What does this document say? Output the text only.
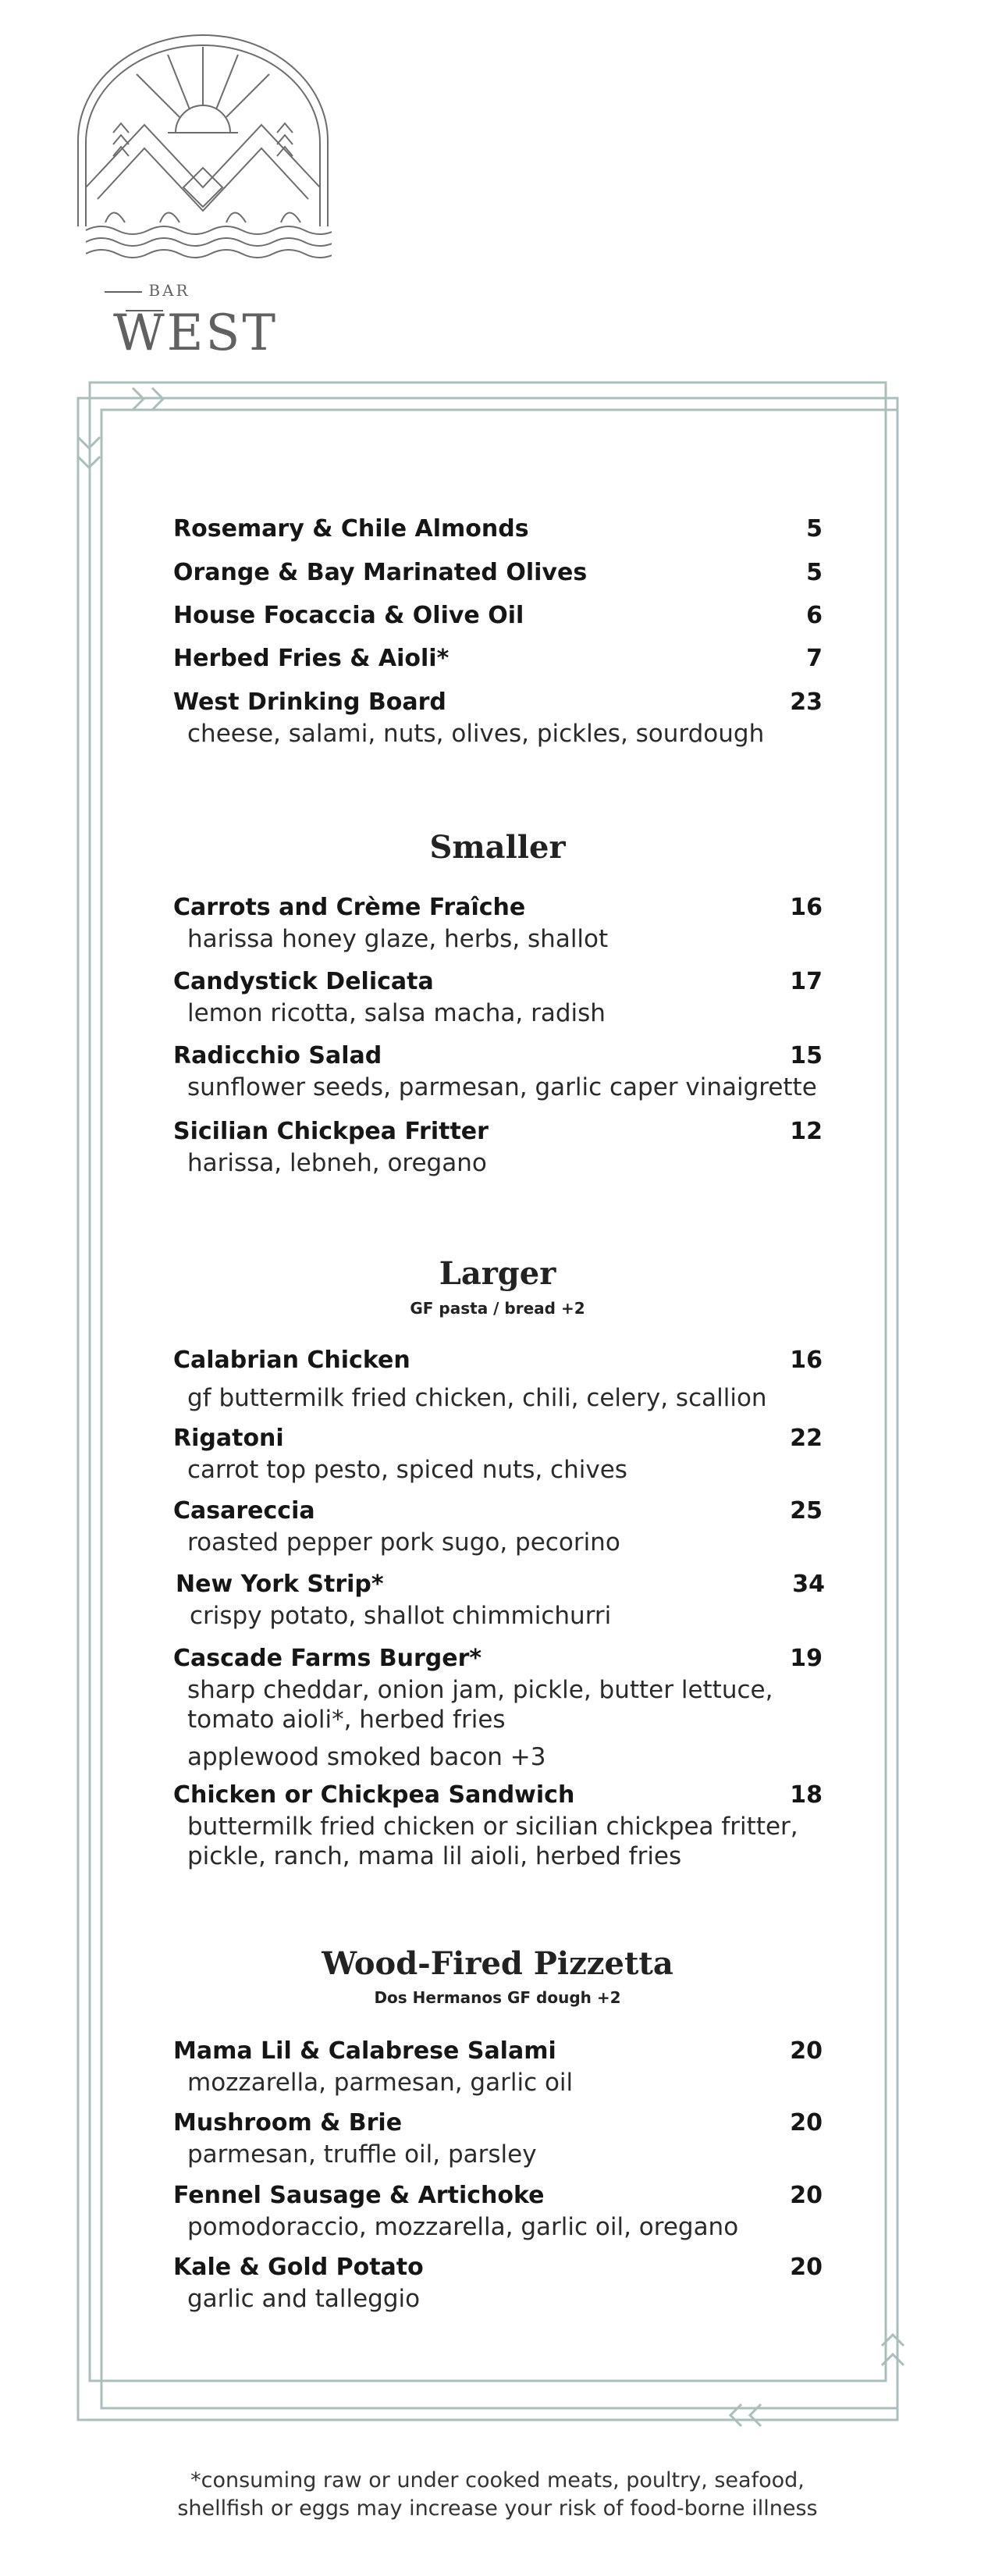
BAR
WEST
Rosemary & Chile Almonds	5
Orange & Bay Marinated Olives	5
House Focaccia & Olive Oil	6
Herbed Fries & Aioli*	7
West Drinking Board	23
cheese, salami, nuts, olives, pickles, sourdough
Smaller
Carrots and Crème Fraîche	16
harissa honey glaze, herbs, shallot
Candystick Delicata	17
lemon ricotta, salsa macha, radish
Radicchio Salad	15
sunflower seeds, parmesan, garlic caper vinaigrette
Sicilian Chickpea Fritter	12
harissa, lebneh, oregano
Larger
GF pasta / bread +2
Calabrian Chicken	16
gf buttermilk fried chicken, chili, celery, scallion
Rigatoni	22
carrot top pesto, spiced nuts, chives
Casareccia	25
roasted pepper pork sugo, pecorino
New York Strip*	34
crispy potato, shallot chimmichurri
Cascade Farms Burger*	19
sharp cheddar, onion jam, pickle, butter lettuce, tomato aioli*, herbed fries
applewood smoked bacon +3
Chicken or Chickpea Sandwich	18
buttermilk fried chicken or sicilian chickpea fritter, pickle, ranch, mama lil aioli, herbed fries
Wood-Fired Pizzetta
Dos Hermanos GF dough +2
Mama Lil & Calabrese Salami	20
mozzarella, parmesan, garlic oil
Mushroom & Brie	20
parmesan, truffle oil, parsley
Fennel Sausage & Artichoke	20
pomodoraccio, mozzarella, garlic oil, oregano
Kale & Gold Potato	20
garlic and talleggio
*consuming raw or under cooked meats, poultry, seafood,
shellfish or eggs may increase your risk of food-borne illness
